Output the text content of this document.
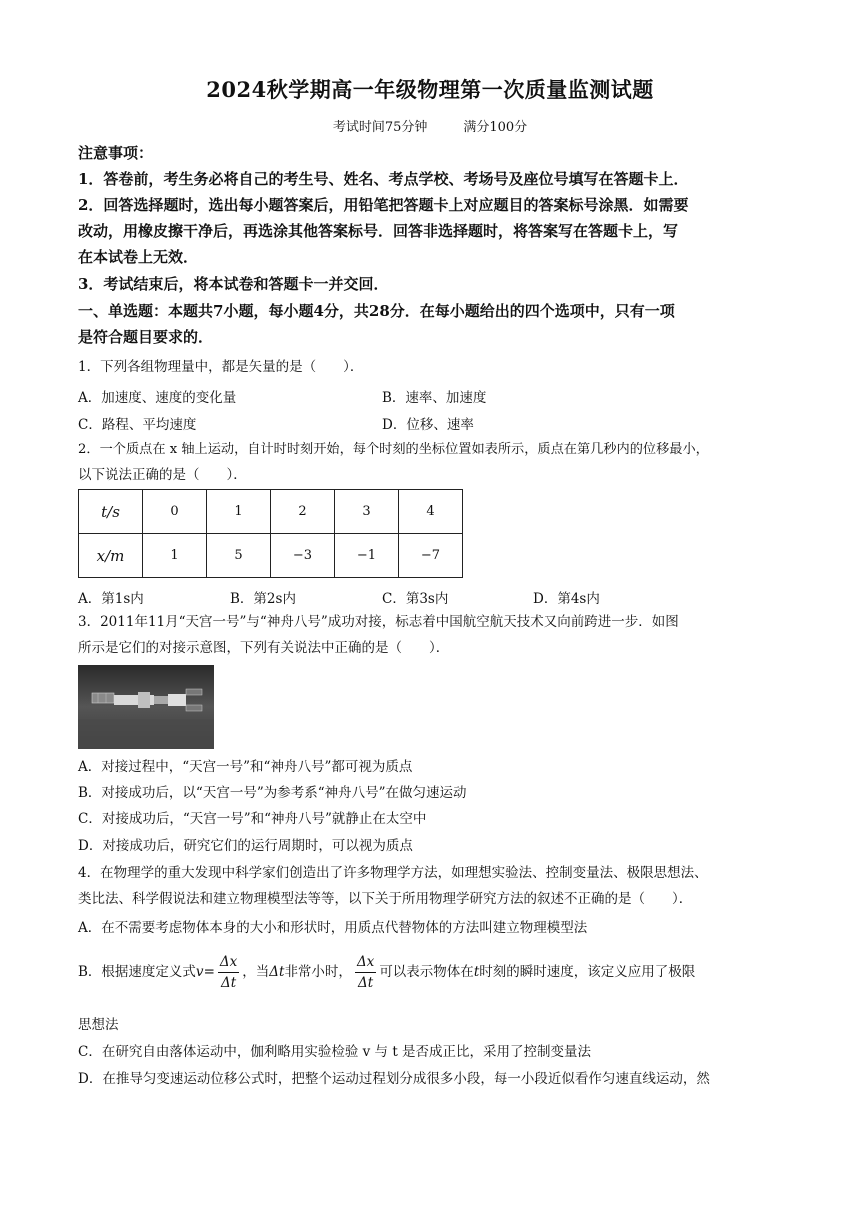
2024秋学期高一年级物理第一次质量监测试题
考试时间75分钟	满分100分
注意事项：
1．答卷前，考生务必将自己的考生号、姓名、考点学校、考场号及座位号填写在答题卡上．
2．回答选择题时，选出每小题答案后，用铅笔把答题卡上对应题目的答案标号涂黑．如需要
改动，用橡皮擦干净后，再选涂其他答案标号．回答非选择题时，将答案写在答题卡上，写
在本试卷上无效．
3．考试结束后，将本试卷和答题卡一并交回．
一、单选题：本题共7小题，每小题4分，共28分．在每小题给出的四个选项中，只有一项
是符合题目要求的．
1．下列各组物理量中，都是矢量的是（　　）．
A．加速度、速度的变化量	B．速率、加速度
C．路程、平均速度	D．位移、速率
2．一个质点在 x 轴上运动，自计时时刻开始，每个时刻的坐标位置如表所示，质点在第几秒内的位移最小，
以下说法正确的是（　　）．
t/s	0	1	2	3	4
x/m	1	5	−3	−1	−7
A．第1s内	B．第2s内	C．第3s内	D．第4s内
3．2011年11月“天宫一号”与“神舟八号”成功对接，标志着中国航空航天技术又向前跨进一步．如图
所示是它们的对接示意图，下列有关说法中正确的是（　　）．
A．对接过程中，“天宫一号”和“神舟八号”都可视为质点
B．对接成功后，以“天宫一号”为参考系“神舟八号”在做匀速运动
C．对接成功后，“天宫一号”和“神舟八号”就静止在太空中
D．对接成功后，研究它们的运行周期时，可以视为质点
4．在物理学的重大发现中科学家们创造出了许多物理学方法，如理想实验法、控制变量法、极限思想法、
类比法、科学假说法和建立物理模型法等等，以下关于所用物理学研究方法的叙述不正确的是（　　）．
A．在不需要考虑物体本身的大小和形状时，用质点代替物体的方法叫建立物理模型法
B．根据速度定义式$v= \frac{\Delta x}{\Delta t}$ ，当Δt非常小时， $\frac{\Delta x}{\Delta t}$ 可以表示物体在t时刻的瞬时速度，该定义应用了极限
思想法
C．在研究自由落体运动中，伽利略用实验检验 v 与 t 是否成正比，采用了控制变量法
D．在推导匀变速运动位移公式时，把整个运动过程划分成很多小段，每一小段近似看作匀速直线运动，然
